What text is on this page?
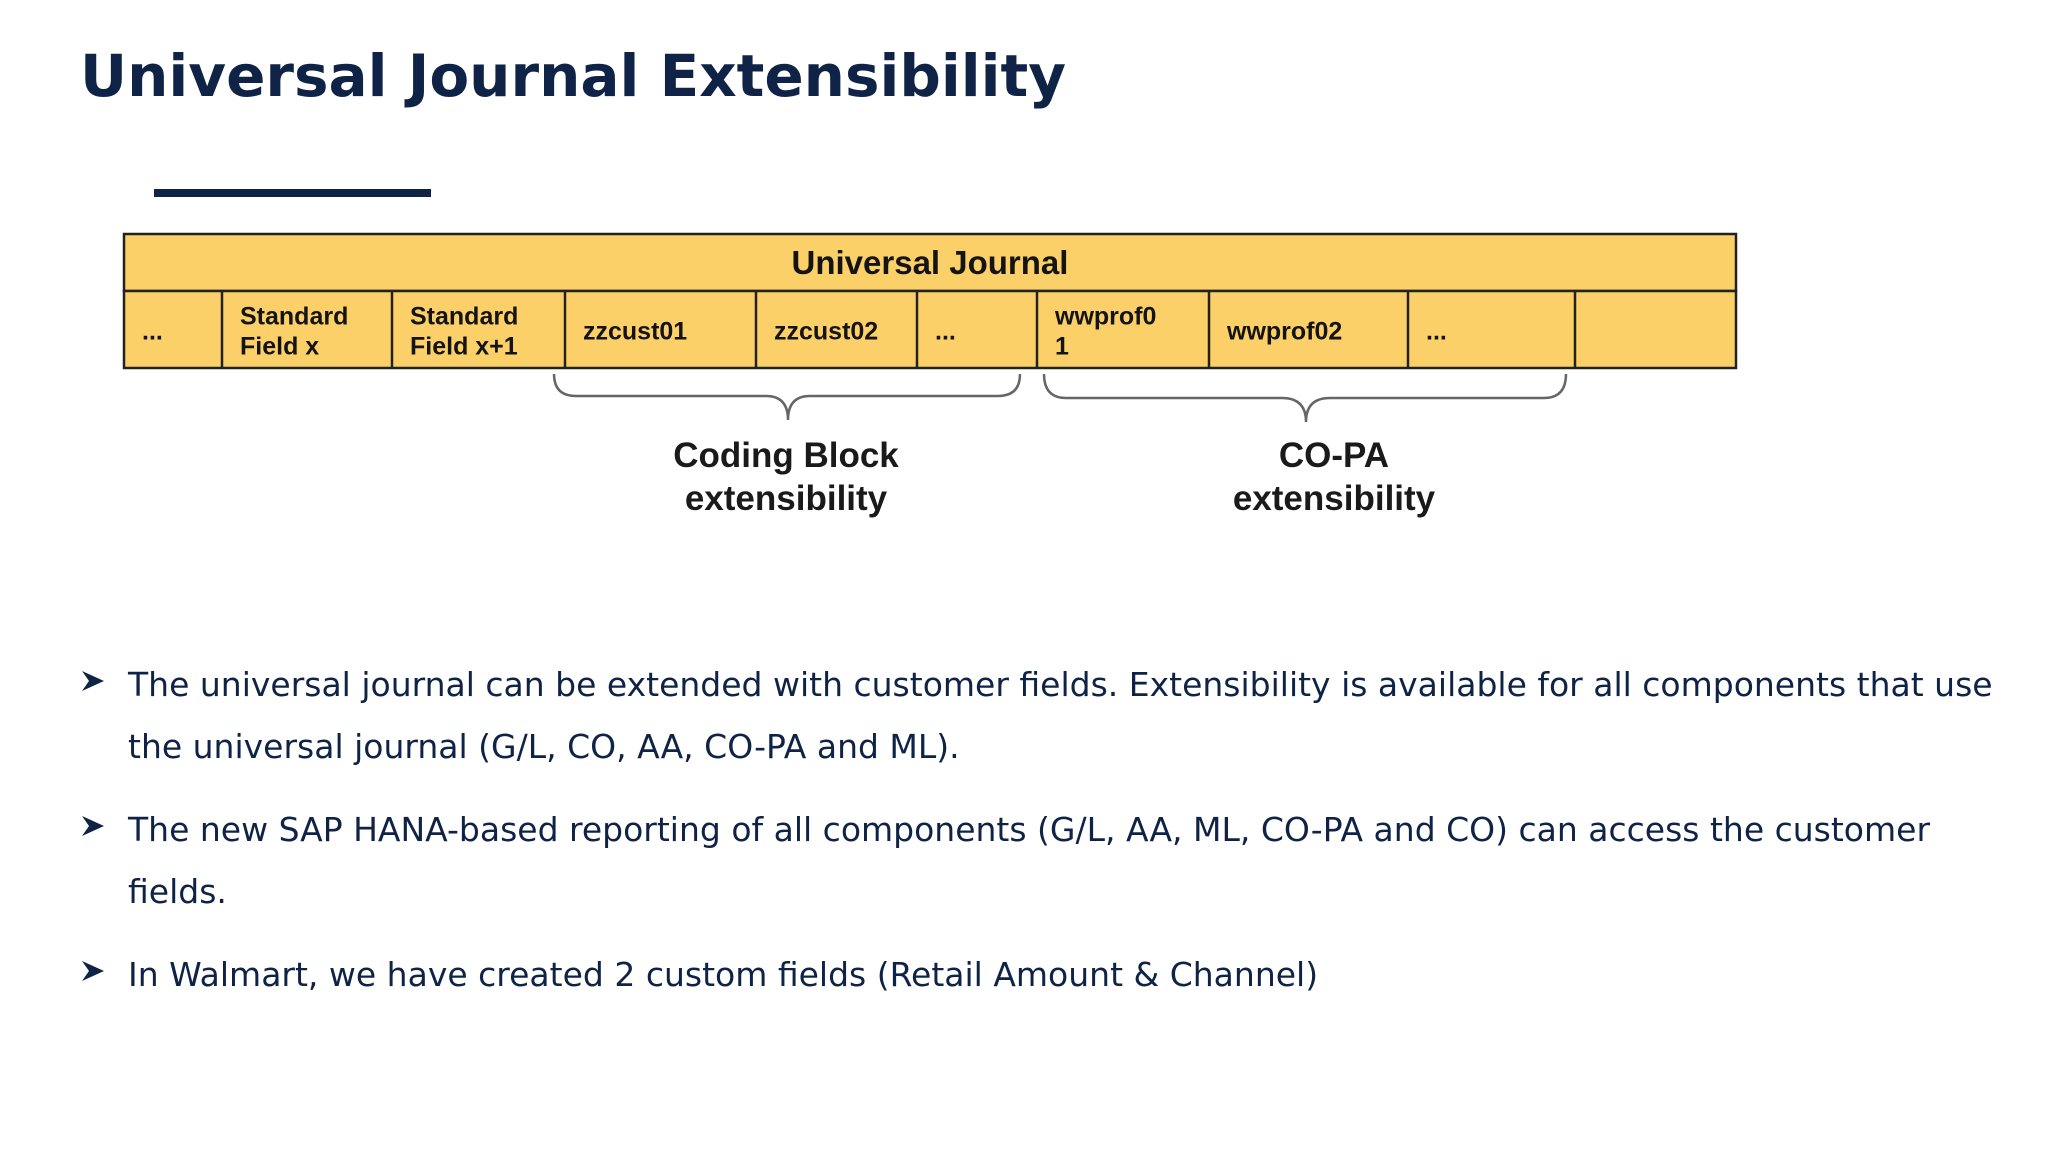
Universal Journal Extensibility
Universal Journal
...
Standard
Field x
Standard
Field x+1
zzcust01	zzcust02 ...
wwprof0
1
wwprof02	...
Coding Block
extensibility
CO-PA
extensibility
The universal journal can be extended with customer fields. Extensibility is available for all components that use the universal journal (G/L, CO, AA, CO-PA and ML).
The new SAP HANA-based reporting of all components (G/L, AA, ML, CO-PA and CO) can access the customer fields.
In Walmart, we have created 2 custom fields (Retail Amount & Channel)
